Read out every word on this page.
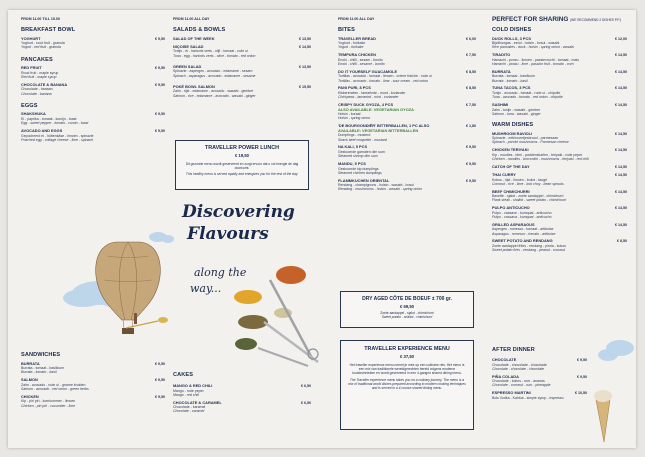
FROM 11.00 TILL 15.00
BREAKFAST BOWL
YOGHURT
Yoghurt - rood fruit - granola
Yogurt - red fruit - granola
€ 9,50
PANCAKES
RED FRUIT
Rood fruit - maple syrup
Red fruit - maple syrup
€ 9,50
CHOCOLATE & BANANA
Chocolade - banaan
Chocolate - banana
€ 9,50
EGGS
SHAKSHUKA
Ei - paprika - tomaat - komijn - toast
Egg - sweet pepper - tomato - cumin - toast
€ 9,50
AVOCADO AND EGGS
Gepocheerd ei - hüttenkäse - limoen - spinazie
Poached egg - cottage cheese - lime - spinach
€ 9,50
SANDWICHES
BURRATA
Burrata - tomaat - basilicum
Burrata - tomato - basil
€ 9,50
SALMON
Zalm - avocado - rode ui - groene kruiden
Salmon - avocado - red onion - green herbs
€ 9,50
CHICKEN
Kip - piri piri - komkommer - limoen
Chicken - piri piri - cucumber - lime
€ 9,50
FROM 11.00 ALL DAY
SALADS & BOWLS
SALAD OF THE WEEK	€ 13,50
NIÇOISE SALAD
Tonijn - ei - haricots verts - olijf - tomaat - rode ui
Tuna - egg - haricots verts - olive - tomato - red onion
€ 14,50
GREEN SALAD
Spinazie - asperges - avocado - edamame - sesam
Spinach - asparagus - avocado - edamame - sesame
€ 13,50
POKÉ BOWL SALMON
Zalm - rijst - edamame - avocado - wasabi - gember
Salmon - rice - edamame - avocado - wasabi - ginger
€ 15,50
TRAVELLER POWER LUNCH
€ 19,50
Dit gezonde menu wordt geserveerd en zorgt ervoor dat u vol energie de dag doorkomt.
This healthy menu is served rapidly and energizes you for the rest of the day.
Discovering
Flavours
along the
way...
CAKES
MANGO & RED CHILI
Mango - rode peper
Mango - red chili
€ 6,50
CHOCOLATE & CARAMEL
Chocolade - karamel
Chocolate - caramel
€ 6,50
FROM 11.00 ALL DAY
BITES
TRAVELLER BREAD
Yoghurt - furikake
Yogurt - furikake
€ 6,00
TEMPURA CHICKEN
Enoki - chilli - sesam - bonito
Enoki - chilli - sesame - bonito
€ 7,50
DO IT YOURSELF GUACAMOLE
Tortillas - avocado - tomaat - limoen - crème fraîche - rode ui
Tortillas - avocado - tomato - lime - sour cream - red onion
€ 8,50
PANI PURI, 8 PCS
Kikkererwten - tamarinde - munt - koriander
Chickpeas - tamarind - mint - coriander
€ 8,50
CRISPY DUCK GYOZA, 4 PCS
ALSO AVAILABLE: VEGETARIAN GYOZA
Hoisin - koraal
Hoisin - spring onion
€ 7,50
'DE BOURGONDIËR' BITTERBALLEN, 1 PC ALSO
AVAILABLE: VEGETARIAN BITTERBALLEN
Dumplings - mosterd
Snack beef croquette - mustard
€ 1,80
NA KALI, 5 PCS
Gestoomde garnalen dim sum
Steamed shrimp dim sum
€ 9,50
MANDU, 5 PCS
Gestoomde kip dumplings
Steamed chicken dumplings
€ 9,50
FLAMMKUCHEN ORIENTAL
Rendang - champignons - hoisin - wasabi - bosui
Rendang - mushrooms - hoisin - wasabi - spring onion
€ 9,50
DRY AGED CÔTE DE BOEUF ± 700 gr.
€ 69,50
Zoete aardappel - sjalot - chimichurri
Sweet potato - shallot - chimichurri
TRAVELLER EXPERIENCE MENU
€ 37,50
Het traveller experience menu neemt je mee op een culinaire reis. Het menu is een mix van traditionele wereldgerechten bereid volgens moderne kooktechnieken en wordt geserveerd in een 4-gangen shared dining menu.
The Traveller experience menu takes you on a culinary journey. The menu is a mix of traditional world dishes prepared according to modern cooking techniques and is served in a 4-course shared dining menu.
PERFECT FOR SHARING (WE RECOMMEND 2 DISHES P.P.)
COLD DISHES
DUCK ROLLS, 3 PCS
Bijzillnorgas - eend - hoisin - bosui - wasabi
Rice pancakes - duck - hoisin - spring onion - wasabi
€ 12,00
TIRADITO
Hamachi - ponzu - limoen - passievrucht - tomaat - mais
Hamachi - ponzu - lime - passion fruit - tomato - corn
€ 14,50
BURRATA
Burrata - tomaat - basilicum
Burrata - tomato - basil
€ 14,50
TUNA TACOS, 3 PCS
Tonijn - avocado - tomaat - rode ui - chipotle
Tuna - avocado - tomato - red onion - chipotle
€ 14,50
SASHIMI
Zalm - tonijn - wasabi - gember
Salmon - tuna - wasabi - ginger
€ 14,50
WARM DISHES
MUSHROOM RAVIOLI
Spinazie - eekhoorntjesbrood - parmezaan
Spinach - porcini mushrooms - Parmesan cheese
€ 14,50
CHICKEN TERIYAKI
Kip - noodles - bimi - paddenstoelen - teriyaki - rode peper
Chicken - noodles - broccolini - mushrooms - teriyaki - red chili
€ 14,50
CATCH OF THE DAY	€ 14,50
THAI CURRY
Kokos - rijst - limoen - bokoi - taugé
Coconut - rice - lime - bok choy - bean sprouts
€ 14,50
BEEF CHIMICHURRI
Bavette - sjalot - zoete aardappel - chimichurri
Flank steak - shallot - sweet potato - chimichurri
€ 14,50
PULPO ANTICUCHO
Pulpo - cassave - kumquat - anticucho
Pulpo - cassava - kumquat - anticucho
€ 14,50
GRILLED ASPARAGUS
Asperges - romesco - tomaat - artiboise
Asparagus - romesco - tomato - artiboise
€ 14,50
SWEET POTATO AND RENDANG
Zoete aardappel frites - rendang - pinda - kokos
Sweet potato fries - rendang - peanut - coconut
€ 8,50
AFTER DINNER
CHOCOLATE
Chocolade - chocolade - chocolade
Chocolate - chocolate - chocolate
€ 9,50
PIÑA COLADA
Chocolade - kokos - rum - ananas
Chocolate - coconut - rum - pineapple
€ 9,50
ESPRESSO MARTINI
Bols Vodka - Kahlúa - simple syrup - espresso
€ 10,50
